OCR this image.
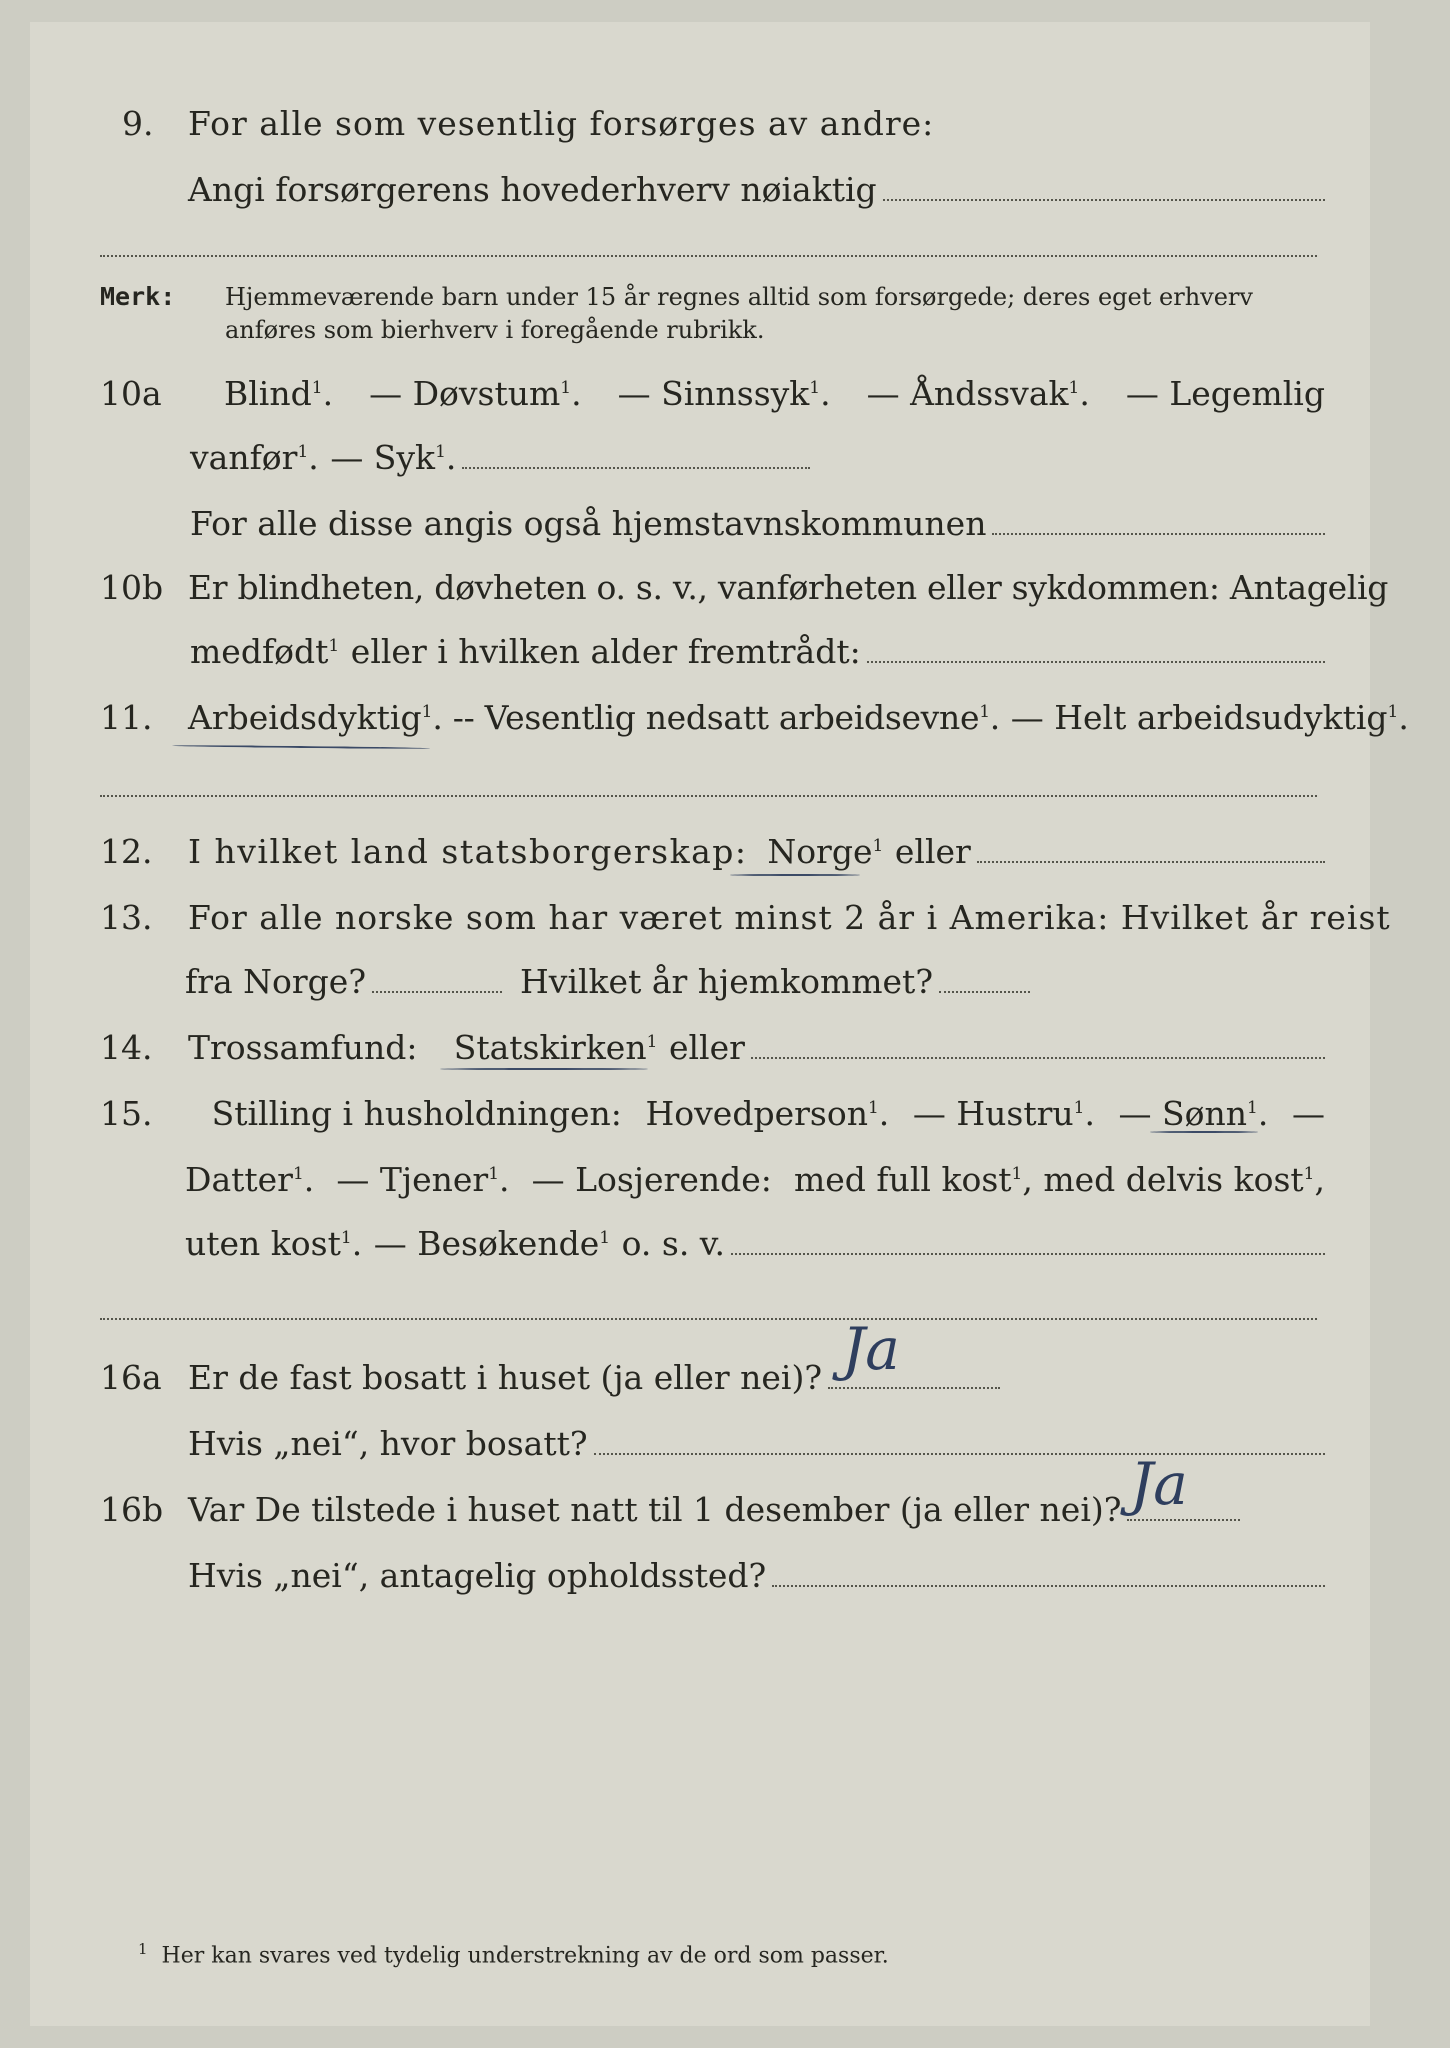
9.	For alle som vesentlig forsørges av andre:
Angi forsørgerens hovederhverv nøiaktig
Merk:	Hjemmeværende barn under 15 år regnes alltid som forsørgede; deres eget erhverv
anføres som bierhverv i foregående rubrikk.
10a	Blind$^1$. — Døvstum$^1$. — Sinnssyk$^1$. — Åndssvak$^1$. — Legemlig
vanfør$^1$. — Syk$^1$.
For alle disse angis også hjemstavnskommunen
10b Er blindheten, døvheten o. s. v., vanførheten eller sykdommen: Antagelig
medfødt$^1$ eller i hvilken alder fremtrådt:
11.	Arbeidsdyktig$^1$ . -- Vesentlig nedsatt arbeidsevne$^1$ . — Helt arbeidsudyktig$^1$.
12.	I hvilket land statsborgerskap: Norge$^1$ eller
13.	For alle norske som har været minst 2 år i Amerika: Hvilket år reist
fra Norge?	Hvilket år hjemkommet?
14.	Trossamfund: Statskirken$^1$ eller
15.	Stilling i husholdningen: Hovedperson$^1$. — Hustru$^1$. — Sønn$^1$. —
Datter$^1$. — Tjener$^1$. — Losjerende: med full kost$^1$, med delvis kost$^1$,
uten kost$^1$. — Besøkende$^1$ o. s. v.
16a Er de fast bosatt i huset (ja eller nei)? Ja
Hvis „nei“, hvor bosatt?
16b Var De tilstede i huset natt til 1 desember (ja eller nei)? Ja
Hvis „nei“, antagelig opholdssted?
$^1$ Her kan svares ved tydelig understrekning av de ord som passer.
